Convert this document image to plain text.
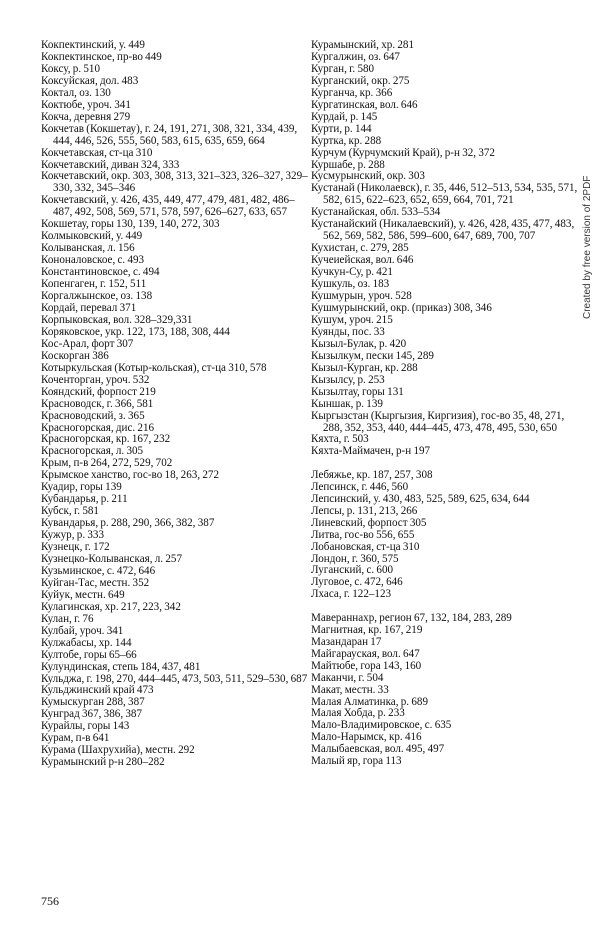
Кокпектинский, у. 449
Кокпектинское, пр-во 449
Коксу, р. 510
Коксуйская, дол. 483
Коктал, оз. 130
Коктюбе, уроч. 341
Кокча, деревня 279
Кокчетав (Кокшетау), г. 24, 191, 271, 308, 321, 334, 439, 444, 446, 526, 555, 560, 583, 615, 635, 659, 664
Кокчетавская, ст-ца 310
Кокчетавский, диван 324, 333
Кокчетавский, окр. 303, 308, 313, 321–323, 326–327, 329–330, 332, 345–346
Кокчетавский, у. 426, 435, 449, 477, 479, 481, 482, 486–487, 492, 508, 569, 571, 578, 597, 626–627, 633, 657
Кокшетау, горы 130, 139, 140, 272, 303
Колмыковский, у. 449
Колыванская, л. 156
Кононаловское, с. 493
Константиновское, с. 494
Копенгаген, г. 152, 511
Коргалжынское, оз. 138
Кордай, перевал 371
Корпыковская, вол. 328–329,331
Коряковское, укр. 122, 173, 188, 308, 444
Кос-Арал, форт 307
Коскорган 386
Котыркульская (Котыр-кольская), ст-ца 310, 578
Коченторган, уроч. 532
Кояндский, форпост 219
Красноводск, г. 366, 581
Красноводский, з. 365
Красногорская, дис. 216
Красногорская, кр. 167, 232
Красногорская, л. 305
Крым, п-в 264, 272, 529, 702
Крымское ханство, гос-во 18, 263, 272
Куадир, горы 139
Кубандарья, р. 211
Кубск, г. 581
Кувандарья, р. 288, 290, 366, 382, 387
Кужур, р. 333
Кузнецк, г. 172
Кузнецко-Колыванская, л. 257
Кузьминское, с. 472, 646
Куйган-Тас, местн. 352
Куйук, местн. 649
Кулагинская, хр. 217, 223, 342
Кулан, г. 76
Кулбай, уроч. 341
Кулжабасы, хр. 144
Култобе, горы 65–66
Кулундинская, степь 184, 437, 481
Кульджа, г. 198, 270, 444–445, 473, 503, 511, 529–530, 687
Кульджинский край 473
Кумыскурган 288, 387
Кунград 367, 386, 387
Курайлы, горы 143
Курам, п-в 641
Курама (Шахрухийа), местн. 292
Курамынский р-н 280–282
Курамынский, хр. 281
Кургалжин, оз. 647
Курган, г. 580
Курганский, окр. 275
Курганча, кр. 366
Кургатинская, вол. 646
Курдай, р. 145
Курти, р. 144
Куртка, кр. 288
Курчум (Курчумский Край), р-н 32, 372
Куршабе, р. 288
Кусмурынский, окр. 303
Кустанай (Николаевск), г. 35, 446, 512–513, 534, 535, 571, 582, 615, 622–623, 652, 659, 664, 701, 721
Кустанайская, обл. 533–534
Кустанайский (Никалаевский), у. 426, 428, 435, 477, 483, 562, 569, 582, 586, 599–600, 647, 689, 700, 707
Кухистан, с. 279, 285
Кучеиейская, вол. 646
Кучкун-Су, р. 421
Кушкуль, оз. 183
Кушмурын, уроч. 528
Кушмурынский, окр. (приказ) 308, 346
Кушум, уроч. 215
Куянды, пос. 33
Кызыл-Булак, р. 420
Кызылкум, пески 145, 289
Кызыл-Курган, кр. 288
Кызылсу, р. 253
Кызылтау, горы 131
Кыншак, р. 139
Кыргызстан (Кыргызия, Киргизия), гос-во 35, 48, 271, 288, 352, 353, 440, 444–445, 473, 478, 495, 530, 650
Кяхта, г. 503
Кяхта-Маймачен, р-н 197
Лебяжье, кр. 187, 257, 308
Лепсинск, г. 446, 560
Лепсинский, у. 430, 483, 525, 589, 625, 634, 644
Лепсы, р. 131, 213, 266
Линевский, форпост 305
Литва, гос-во 556, 655
Лобановская, ст-ца 310
Лондон, г. 360, 575
Луганский, с. 600
Луговое, с. 472, 646
Лхаса, г. 122–123
Мавераннахр, регион 67, 132, 184, 283, 289
Магнитная, кр. 167, 219
Мазандаран 17
Майгарауская, вол. 647
Майтюбе, гора 143, 160
Маканчи, г. 504
Макат, местн. 33
Малая Алматинка, р. 689
Малая Хобда, р. 233
Мало-Владимировское, с. 635
Мало-Нарымск, кр. 416
Малыбаевская, вол. 495, 497
Малый яр, гора 113
756
Created by free version of 2PDF
